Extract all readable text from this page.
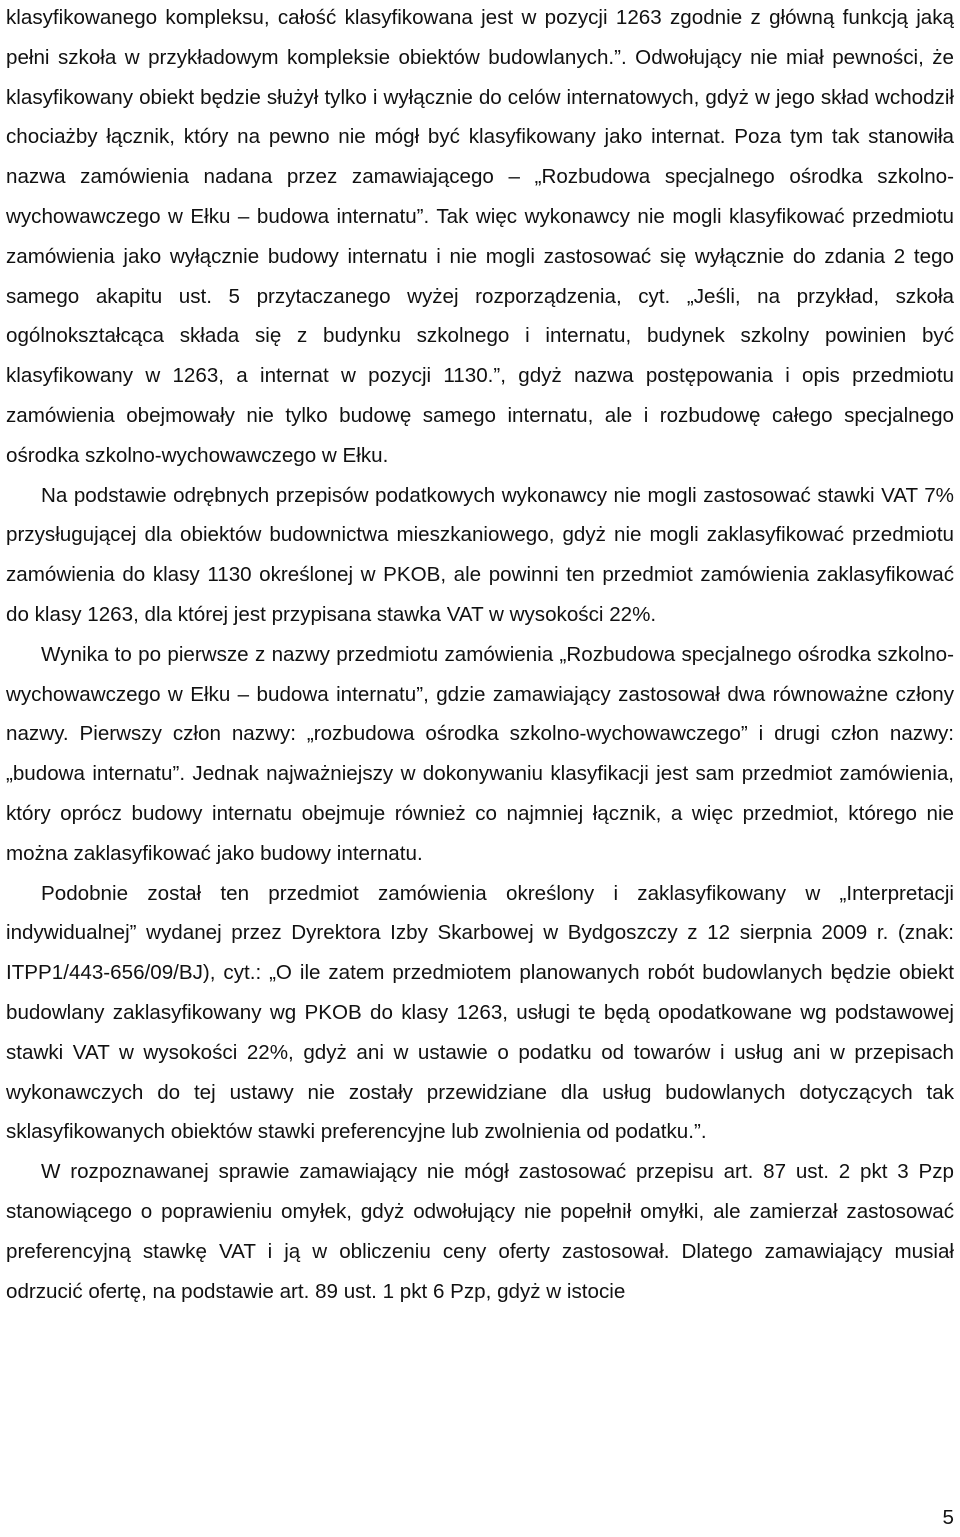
klasyfikowanego kompleksu, całość klasyfikowana jest w pozycji 1263 zgodnie z główną funkcją jaką pełni szkoła w przykładowym kompleksie obiektów budowlanych.”. Odwołujący nie miał pewności, że klasyfikowany obiekt będzie służył tylko i wyłącznie do celów internatowych, gdyż w jego skład wchodził chociażby łącznik, który na pewno nie mógł być klasyfikowany jako internat. Poza tym tak stanowiła nazwa zamówienia nadana przez zamawiającego – „Rozbudowa specjalnego ośrodka szkolno-wychowawczego w Ełku – budowa internatu”. Tak więc wykonawcy nie mogli klasyfikować przedmiotu zamówienia jako wyłącznie budowy internatu i nie mogli zastosować się wyłącznie do zdania 2 tego samego akapitu ust. 5 przytaczanego wyżej rozporządzenia, cyt. „Jeśli, na przykład, szkoła ogólnokształcąca składa się z budynku szkolnego i internatu, budynek szkolny powinien być klasyfikowany w 1263, a internat w pozycji 1130.”, gdyż nazwa postępowania i opis przedmiotu zamówienia obejmowały nie tylko budowę samego internatu, ale i rozbudowę całego specjalnego ośrodka szkolno-wychowawczego w Ełku.

Na podstawie odrębnych przepisów podatkowych wykonawcy nie mogli zastosować stawki VAT 7% przysługującej dla obiektów budownictwa mieszkaniowego, gdyż nie mogli zaklasyfikować przedmiotu zamówienia do klasy 1130 określonej w PKOB, ale powinni ten przedmiot zamówienia zaklasyfikować do klasy 1263, dla której jest przypisana stawka VAT w wysokości 22%.

Wynika to po pierwsze z nazwy przedmiotu zamówienia „Rozbudowa specjalnego ośrodka szkolno-wychowawczego w Ełku – budowa internatu”, gdzie zamawiający zastosował dwa równoważne człony nazwy. Pierwszy człon nazwy: „rozbudowa ośrodka szkolno-wychowawczego” i drugi człon nazwy: „budowa internatu”. Jednak najważniejszy w dokonywaniu klasyfikacji jest sam przedmiot zamówienia, który oprócz budowy internatu obejmuje również co najmniej łącznik, a więc przedmiot, którego nie można zaklasyfikować jako budowy internatu.

Podobnie został ten przedmiot zamówienia określony i zaklasyfikowany w „Interpretacji indywidualnej” wydanej przez Dyrektora Izby Skarbowej w Bydgoszczy z 12 sierpnia 2009 r. (znak: ITPP1/443-656/09/BJ), cyt.: „O ile zatem przedmiotem planowanych robót budowlanych będzie obiekt budowlany zaklasyfikowany wg PKOB do klasy 1263, usługi te będą opodatkowane wg podstawowej stawki VAT w wysokości 22%, gdyż ani w ustawie o podatku od towarów i usług ani w przepisach wykonawczych do tej ustawy nie zostały przewidziane dla usług budowlanych dotyczących tak sklasyfikowanych obiektów stawki preferencyjne lub zwolnienia od podatku.”.

W rozpoznawanej sprawie zamawiający nie mógł zastosować przepisu art. 87 ust. 2 pkt 3 Pzp stanowiącego o poprawieniu omyłek, gdyż odwołujący nie popełnił omyłki, ale zamierzał zastosować preferencyjną stawkę VAT i ją w obliczeniu ceny oferty zastosował. Dlatego zamawiający musiał odrzucić ofertę, na podstawie art. 89 ust. 1 pkt 6 Pzp, gdyż w istocie

5
